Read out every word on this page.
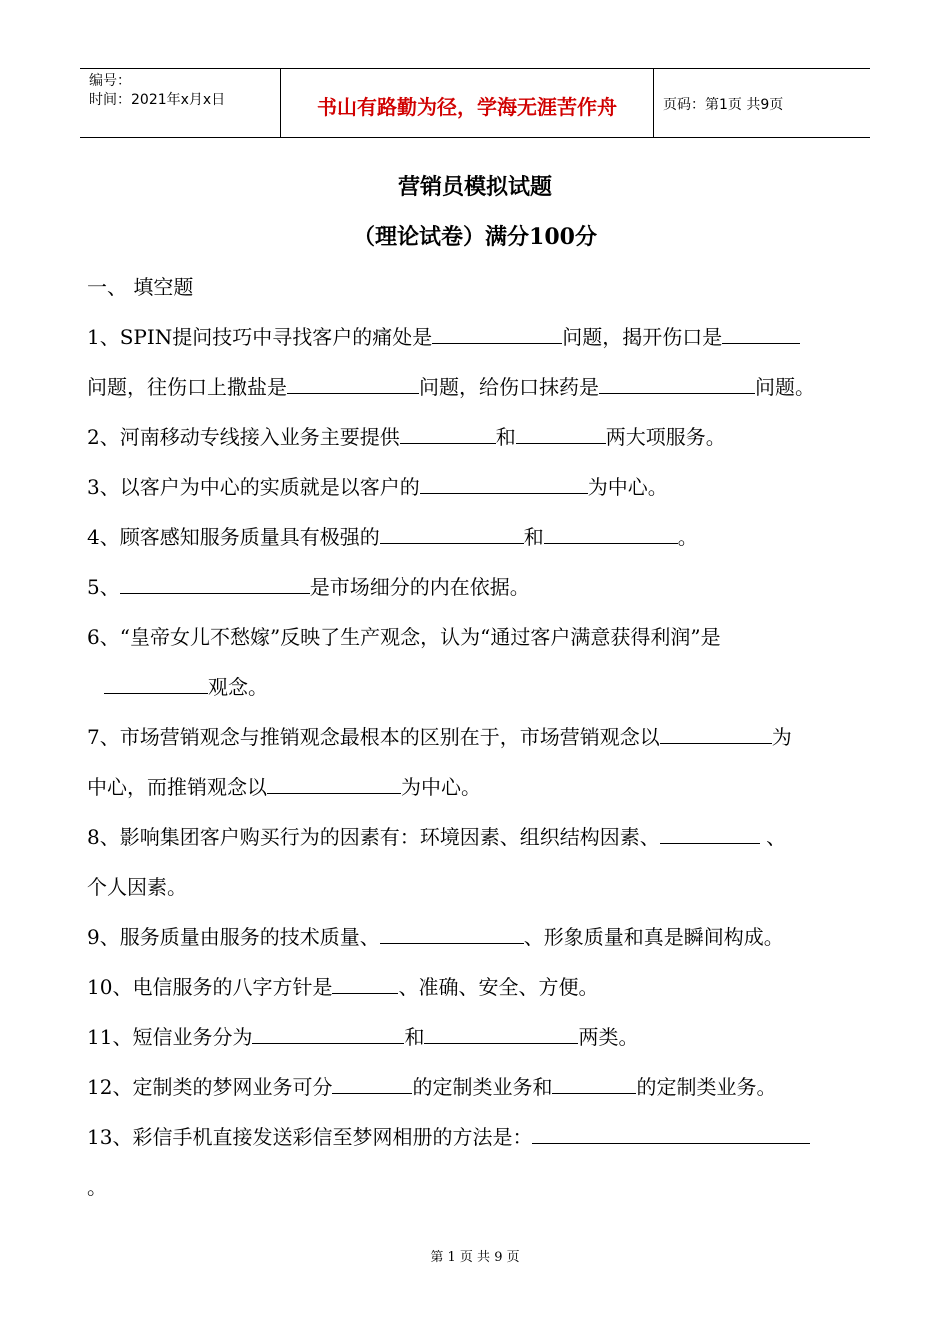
编号：
时间：2021年x月x日	书山有路勤为径，学海无涯苦作舟	页码：第1页 共9页
营销员模拟试题
（理论试卷）满分100分
一、 填空题
1、SPIN提问技巧中寻找客户的痛处是	问题，揭开伤口是
问题，往伤口上撒盐是	问题，给伤口抹药是	问题。
2、河南移动专线接入业务主要提供	和	两大项服务。
3、以客户为中心的实质就是以客户的	为中心。
4、顾客感知服务质量具有极强的	和	。
5、	是市场细分的内在依据。
6、“皇帝女儿不愁嫁”反映了生产观念，认为“通过客户满意获得利润”是
观念。
7、市场营销观念与推销观念最根本的区别在于，市场营销观念以	为
中心，而推销观念以	为中心。
8、影响集团客户购买行为的因素有：环境因素、组织结构因素、	、
个人因素。
9、服务质量由服务的技术质量、	、形象质量和真是瞬间构成。
10、电信服务的八字方针是	、准确、安全、方便。
11、短信业务分为	和	两类。
12、定制类的梦网业务可分	的定制类业务和	的定制类业务。
13、彩信手机直接发送彩信至梦网相册的方法是：
。
第 1 页 共 9 页
